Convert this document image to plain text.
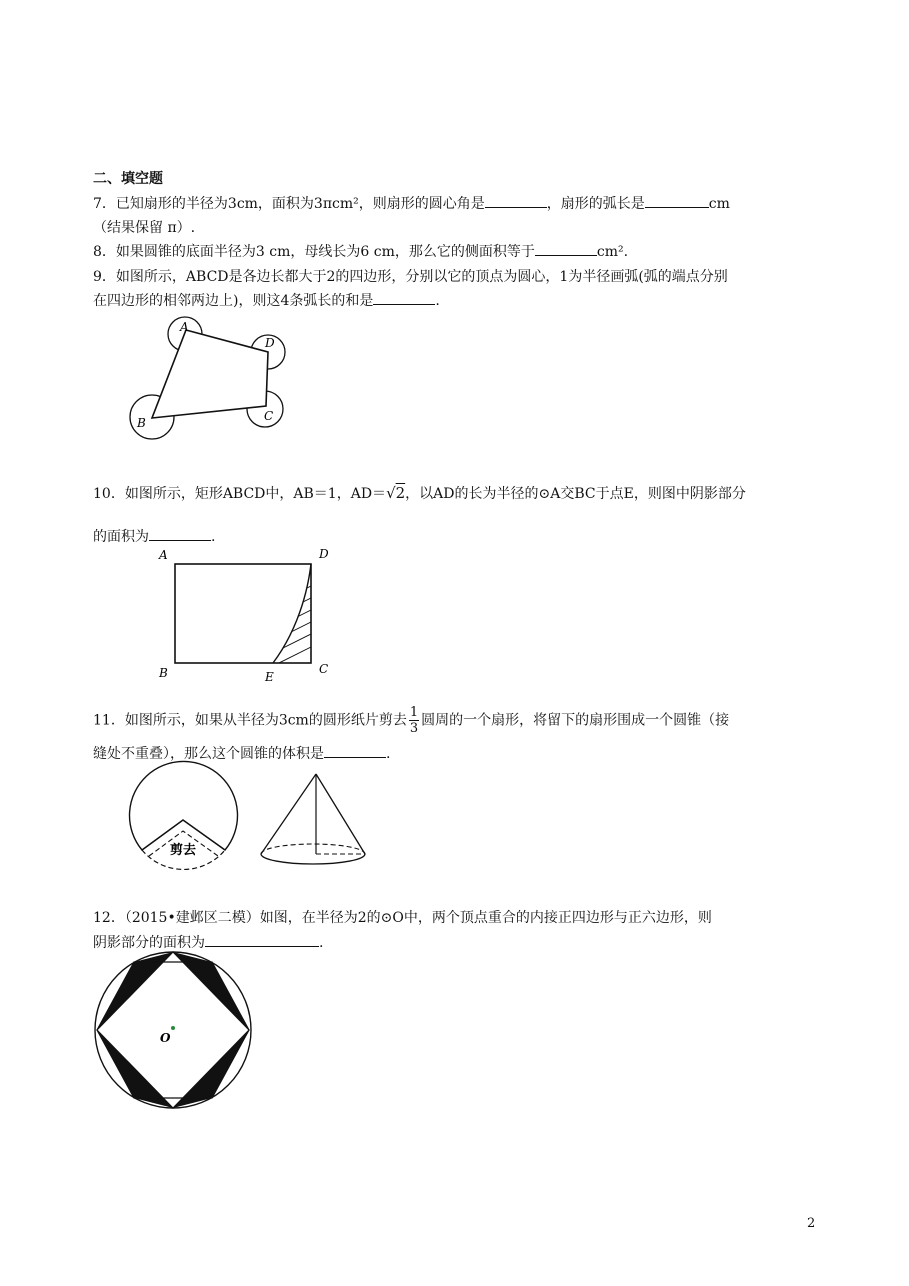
二、填空题
7．已知扇形的半径为3cm，面积为3πcm²，则扇形的圆心角是	，扇形的弧长是	cm
（结果保留 π）.
8．如果圆锥的底面半径为3 cm，母线长为6 cm，那么它的侧面积等于	cm².
9．如图所示，ABCD是各边长都大于2的四边形，分别以它的顶点为圆心，1为半径画弧(弧的端点分别
在四边形的相邻两边上)，则这4条弧长的和是	.
A
D
B	C
10．如图所示，矩形ABCD中，AB＝1，AD＝√2，以AD的长为半径的⊙A交BC于点E，则图中阴影部分
的面积为	.
A	D
B	E
C
11．如图所示，如果从半径为3cm的圆形纸片剪去 $\frac{1}{3}$ 圆周的一个扇形，将留下的扇形围成一个圆锥（接
缝处不重叠），那么这个圆锥的体积是	.
剪去
12．（2015•建邺区二模）如图，在半径为2的⊙O中，两个顶点重合的内接正四边形与正六边形，则
阴影部分的面积为	.
O
2
